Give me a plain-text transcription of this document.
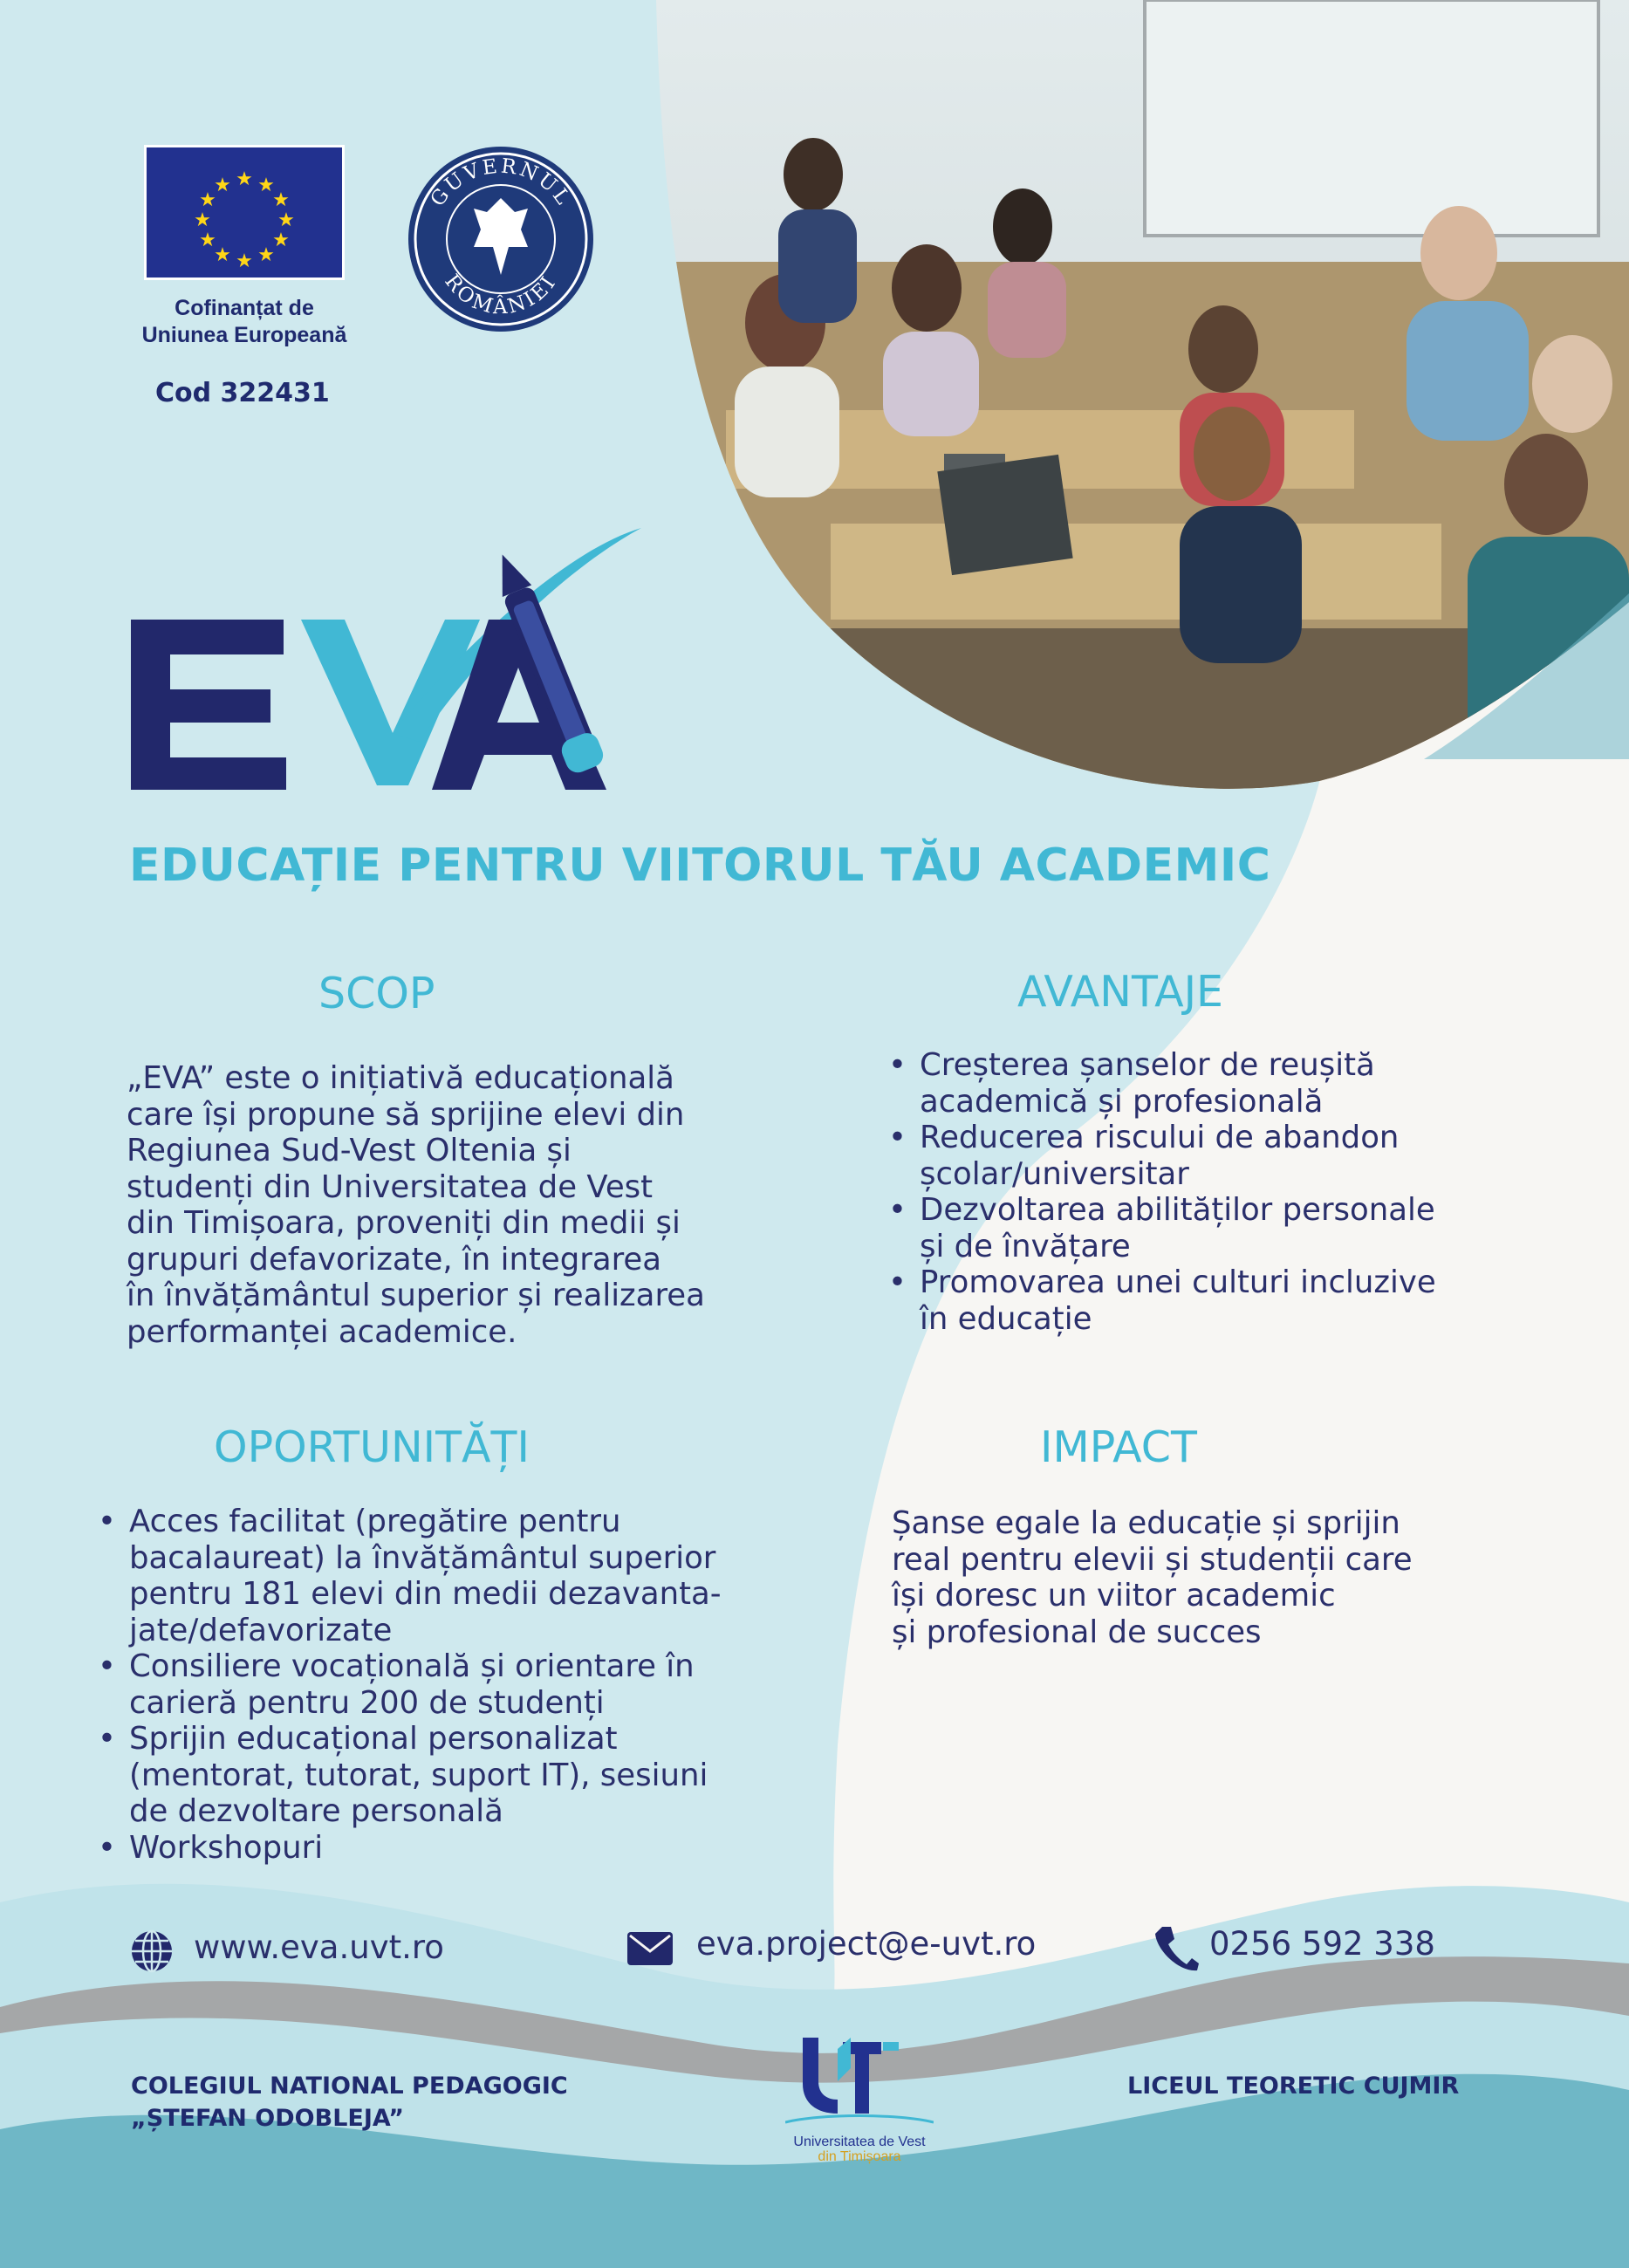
★ ★
★
★
★
★
★
★
★
★
★
★
Cofinanțat de
Uniunea Europeană
Cod 322431
GUVERNUL
ROMÂNIEI
EVA
EDUCAȚIE PENTRU VIITORUL TĂU ACADEMIC
SCOP
„EVA” este o inițiativă educațională
care își propune să sprijine elevi din
Regiunea Sud-Vest Oltenia și
studenți din Universitatea de Vest
din Timișoara, proveniți din medii și
grupuri defavorizate, în integrarea
în învățământul superior și realizarea
performanței academice.
AVANTAJE
• Creșterea șanselor de reușită
academică și profesională
• Reducerea riscului de abandon
școlar/universitar
• Dezvoltarea abilităților personale
și de învățare
• Promovarea unei culturi incluzive
în educație
OPORTUNITĂȚI
• Acces facilitat (pregătire pentru
bacalaureat) la învățământul superior
pentru 181 elevi din medii dezavanta-
jate/defavorizate
• Consiliere vocațională și orientare în
carieră pentru 200 de studenți
• Sprijin educațional personalizat
(mentorat, tutorat, suport IT), sesiuni
de dezvoltare personală
• Workshopuri
IMPACT
Șanse egale la educație și sprijin
real pentru elevii și studenții care
își doresc un viitor academic
și profesional de succes
www.eva.uvt.ro	eva.project@e-uvt.ro	0256 592 338
COLEGIUL NATIONAL PEDAGOGIC
„ȘTEFAN ODOBLEJA”
LICEUL TEORETIC CUJMIR
Universitatea de Vest
din Timișoara
